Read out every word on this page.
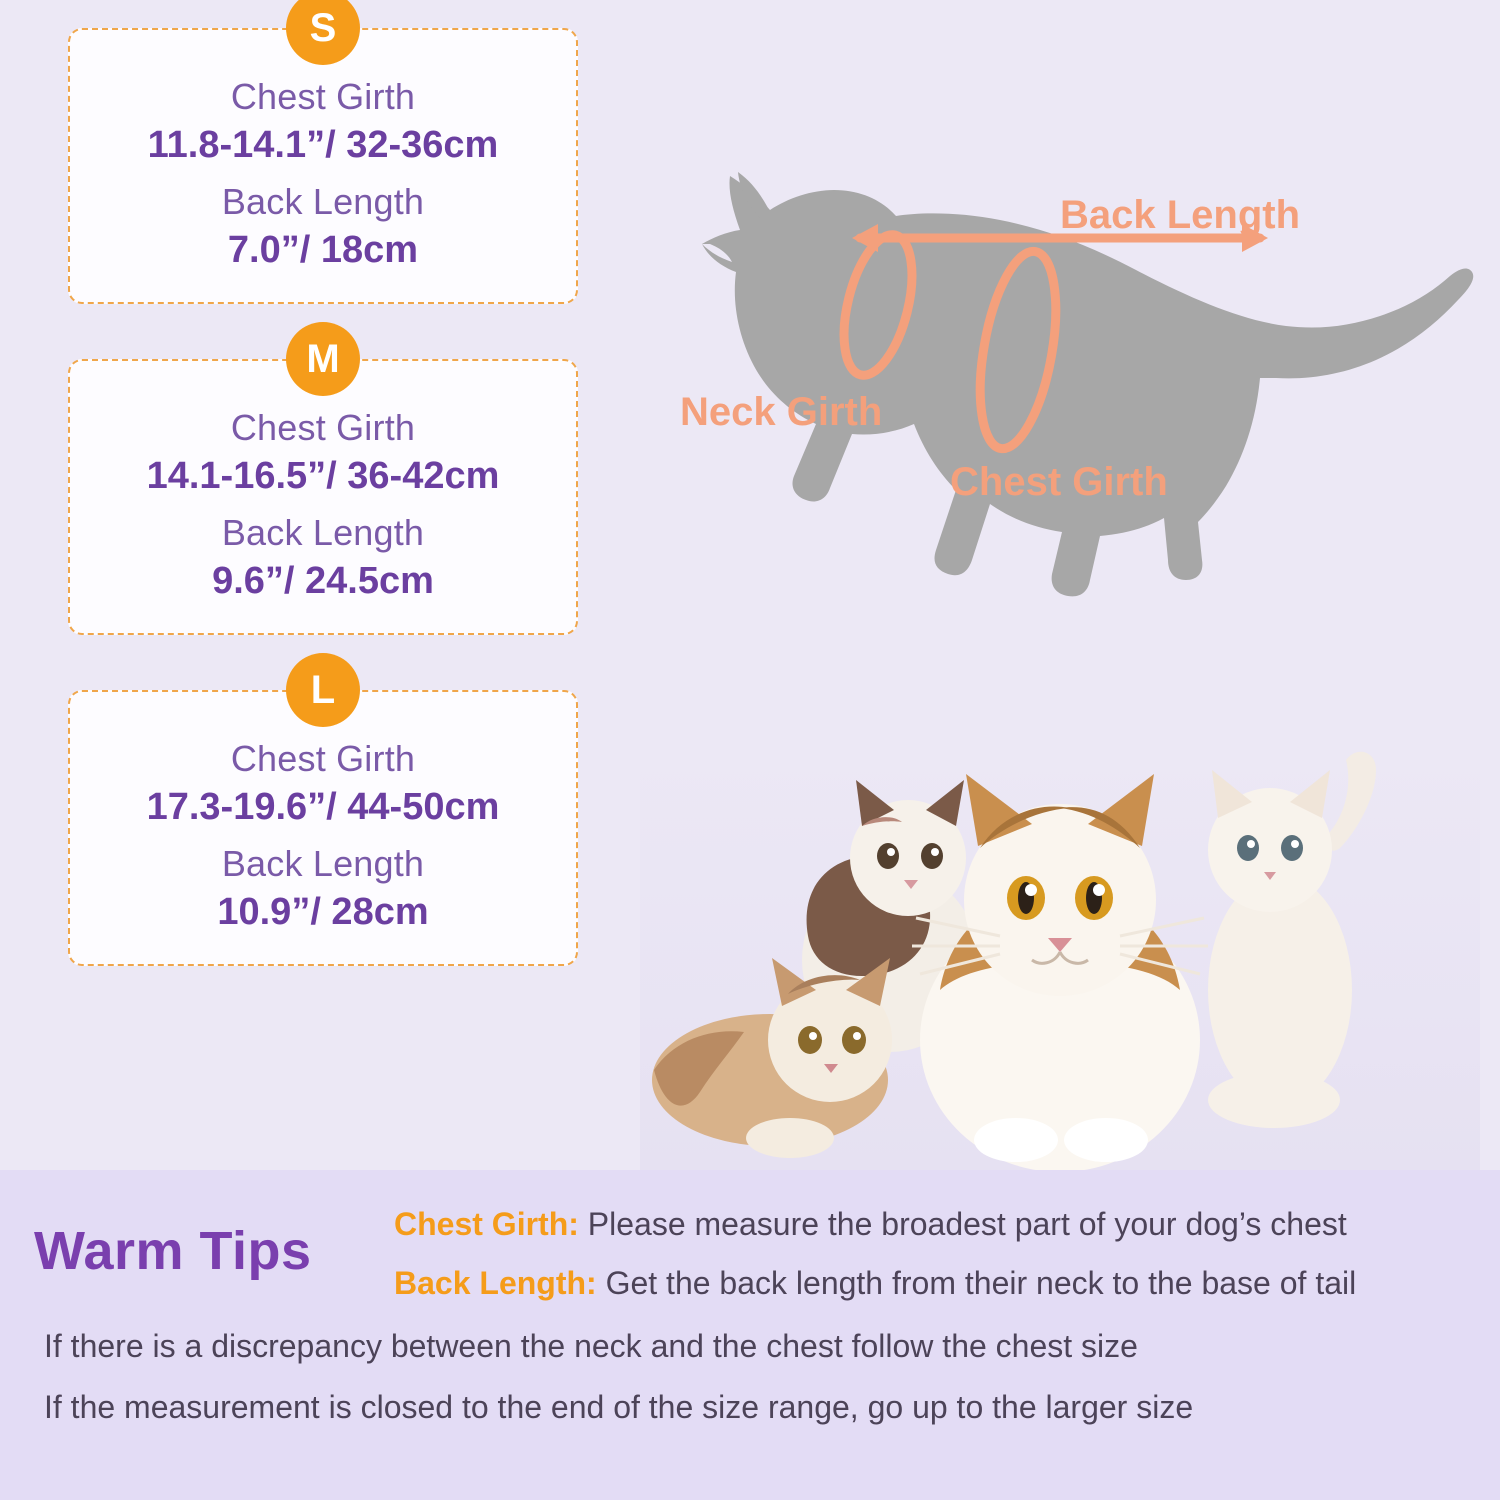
S
Chest Girth
11.8-14.1”/ 32-36cm
Back Length
7.0”/ 18cm
M
Chest Girth
14.1-16.5”/ 36-42cm
Back Length
9.6”/ 24.5cm
L
Chest Girth
17.3-19.6”/ 44-50cm
Back Length
10.9”/ 28cm
Back Length
Neck Girth
Chest Girth
Warm Tips	Chest Girth: Please measure the broadest part of your dog’s chest
Back Length: Get the back length from their neck to the base of tail
If there is a discrepancy between the neck and the chest follow the chest size
If the measurement is closed to the end of the size range, go up to the larger size
